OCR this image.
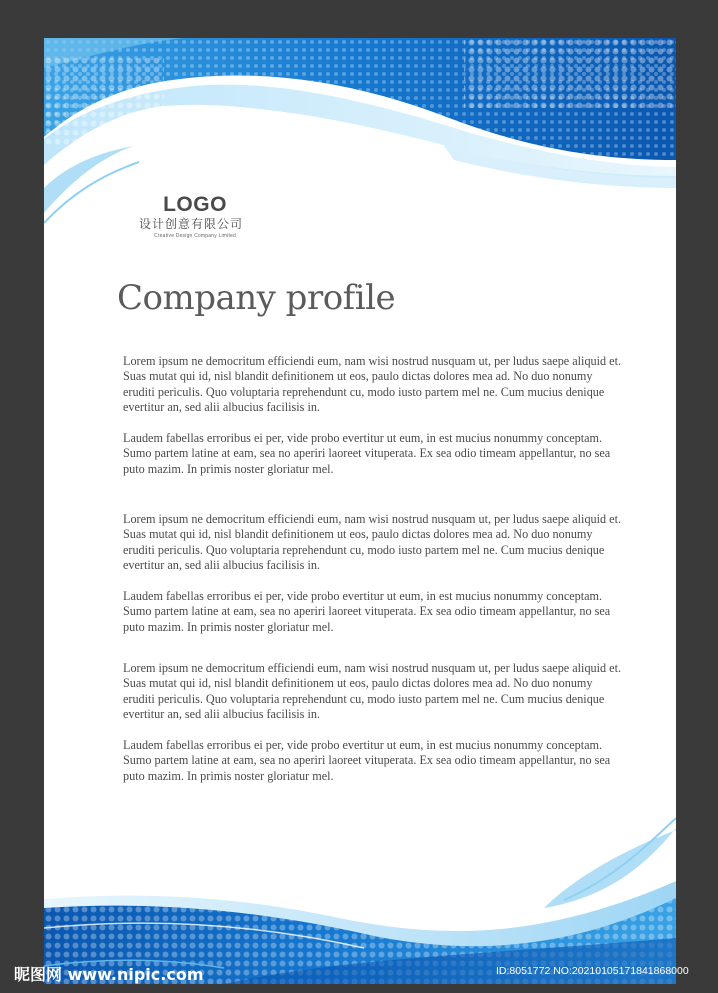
LOGO
设计创意有限公司
Creative Design Company Limited
Company profile

Lorem ipsum ne democritum efficiendi eum, nam wisi nostrud nusquam ut, per ludus saepe aliquid et. Suas mutat qui id, nisl blandit definitionem ut eos, paulo dictas dolores mea ad. No duo nonumy eruditi periculis. Quo voluptaria reprehendunt cu, modo iusto partem mel ne. Cum mucius denique evertitur an, sed alii albucius facilisis in.

Laudem fabellas erroribus ei per, vide probo evertitur ut eum, in est mucius nonummy conceptam. Sumo partem latine at eam, sea no aperiri laoreet vituperata. Ex sea odio timeam appellantur, no sea puto mazim. In primis noster gloriatur mel.

Lorem ipsum ne democritum efficiendi eum, nam wisi nostrud nusquam ut, per ludus saepe aliquid et. Suas mutat qui id, nisl blandit definitionem ut eos, paulo dictas dolores mea ad. No duo nonumy eruditi periculis. Quo voluptaria reprehendunt cu, modo iusto partem mel ne. Cum mucius denique evertitur an, sed alii albucius facilisis in.

Laudem fabellas erroribus ei per, vide probo evertitur ut eum, in est mucius nonummy conceptam. Sumo partem latine at eam, sea no aperiri laoreet vituperata. Ex sea odio timeam appellantur, no sea puto mazim. In primis noster gloriatur mel.

Lorem ipsum ne democritum efficiendi eum, nam wisi nostrud nusquam ut, per ludus saepe aliquid et. Suas mutat qui id, nisl blandit definitionem ut eos, paulo dictas dolores mea ad. No duo nonumy eruditi periculis. Quo voluptaria reprehendunt cu, modo iusto partem mel ne. Cum mucius denique evertitur an, sed alii albucius facilisis in.

Laudem fabellas erroribus ei per, vide probo evertitur ut eum, in est mucius nonummy conceptam. Sumo partem latine at eam, sea no aperiri laoreet vituperata. Ex sea odio timeam appellantur, no sea puto mazim. In primis noster gloriatur mel.

昵图网 www.nipic.com	ID:8051772 NO:20210105171841868000
